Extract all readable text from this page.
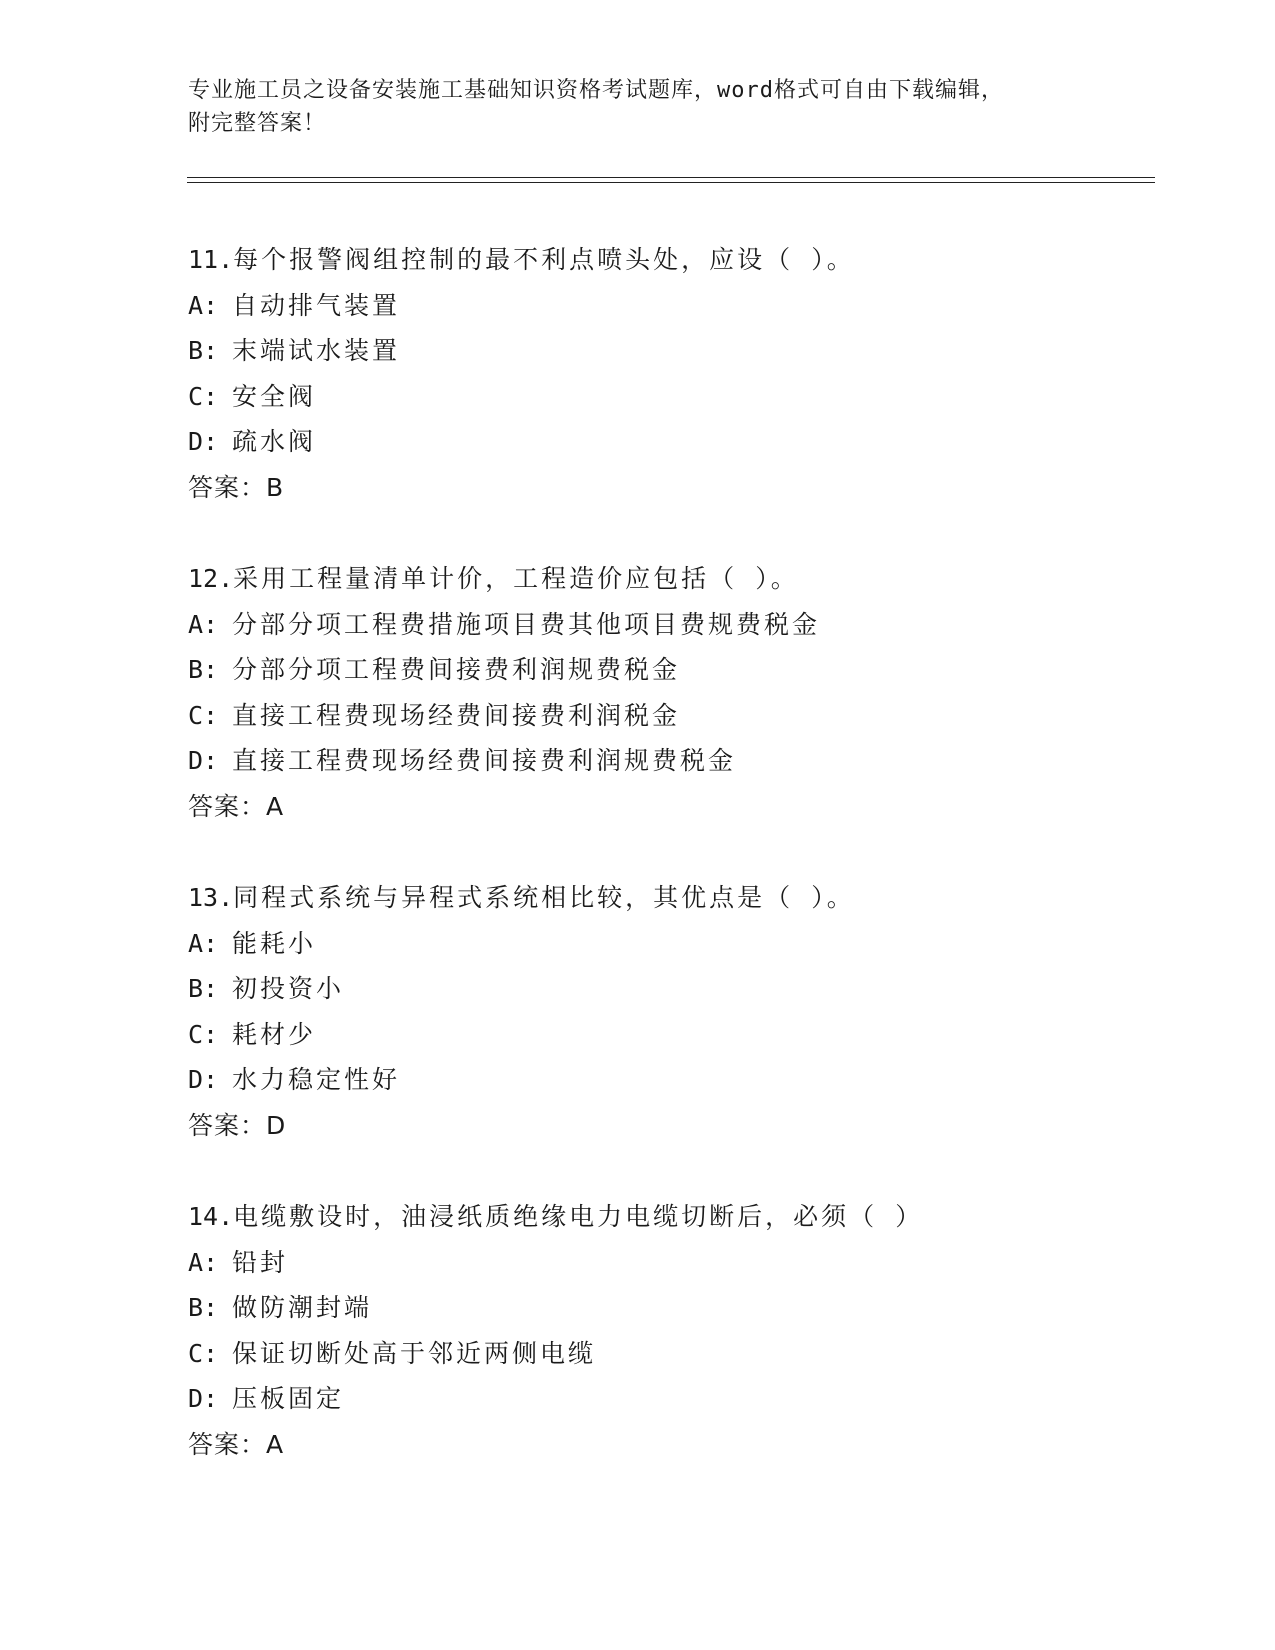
专业施工员之设备安装施工基础知识资格考试题库，word格式可自由下载编辑，
附完整答案！
11.每个报警阀组控制的最不利点喷头处，应设（ ）。
A: 自动排气装置
B: 末端试水装置
C: 安全阀
D: 疏水阀
答案：B
12.采用工程量清单计价，工程造价应包括（ ）。
A: 分部分项工程费措施项目费其他项目费规费税金
B: 分部分项工程费间接费利润规费税金
C: 直接工程费现场经费间接费利润税金
D: 直接工程费现场经费间接费利润规费税金
答案：A
13.同程式系统与异程式系统相比较，其优点是（ ）。
A: 能耗小
B: 初投资小
C: 耗材少
D: 水力稳定性好
答案：D
14.电缆敷设时，油浸纸质绝缘电力电缆切断后，必须（ ）
A: 铅封
B: 做防潮封端
C: 保证切断处高于邻近两侧电缆
D: 压板固定
答案：A
